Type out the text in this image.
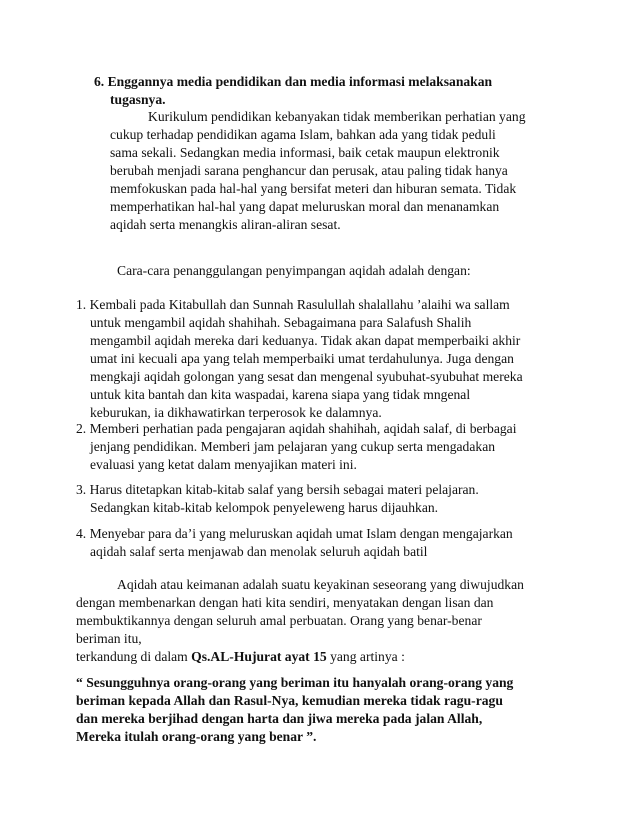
6. Enggannya media pendidikan dan media informasi melaksanakan
tugasnya.
Kurikulum pendidikan kebanyakan tidak memberikan perhatian yang
cukup terhadap pendidikan agama Islam, bahkan ada yang tidak peduli
sama sekali. Sedangkan media informasi, baik cetak maupun elektronik
berubah menjadi sarana penghancur dan perusak, atau paling tidak hanya
memfokuskan pada hal-hal yang bersifat meteri dan hiburan semata. Tidak
memperhatikan hal-hal yang dapat meluruskan moral dan menanamkan
aqidah serta menangkis aliran-aliran sesat.
Cara-cara penanggulangan penyimpangan aqidah adalah dengan:
1. Kembali pada Kitabullah dan Sunnah Rasulullah shalallahu ’alaihi wa sallam
untuk mengambil aqidah shahihah. Sebagaimana para Salafush Shalih
mengambil aqidah mereka dari keduanya. Tidak akan dapat memperbaiki akhir
umat ini kecuali apa yang telah memperbaiki umat terdahulunya. Juga dengan
mengkaji aqidah golongan yang sesat dan mengenal syubuhat-syubuhat mereka
untuk kita bantah dan kita waspadai, karena siapa yang tidak mngenal
keburukan, ia dikhawatirkan terperosok ke dalamnya.
2. Memberi perhatian pada pengajaran aqidah shahihah, aqidah salaf, di berbagai
jenjang pendidikan. Memberi jam pelajaran yang cukup serta mengadakan
evaluasi yang ketat dalam menyajikan materi ini.
3. Harus ditetapkan kitab-kitab salaf yang bersih sebagai materi pelajaran.
Sedangkan kitab-kitab kelompok penyeleweng harus dijauhkan.
4. Menyebar para da’i yang meluruskan aqidah umat Islam dengan mengajarkan
aqidah salaf serta menjawab dan menolak seluruh aqidah batil
Aqidah atau keimanan adalah suatu keyakinan seseorang yang diwujudkan
dengan membenarkan dengan hati kita sendiri, menyatakan dengan lisan dan
membuktikannya dengan seluruh amal perbuatan. Orang yang benar-benar
beriman itu,
terkandung di dalam Qs.AL-Hujurat ayat 15 yang artinya :
“ Sesungguhnya orang-orang yang beriman itu hanyalah orang-orang yang
beriman kepada Allah dan Rasul-Nya, kemudian mereka tidak ragu-ragu
dan mereka berjihad dengan harta dan jiwa mereka pada jalan Allah,
Mereka itulah orang-orang yang benar ”.
